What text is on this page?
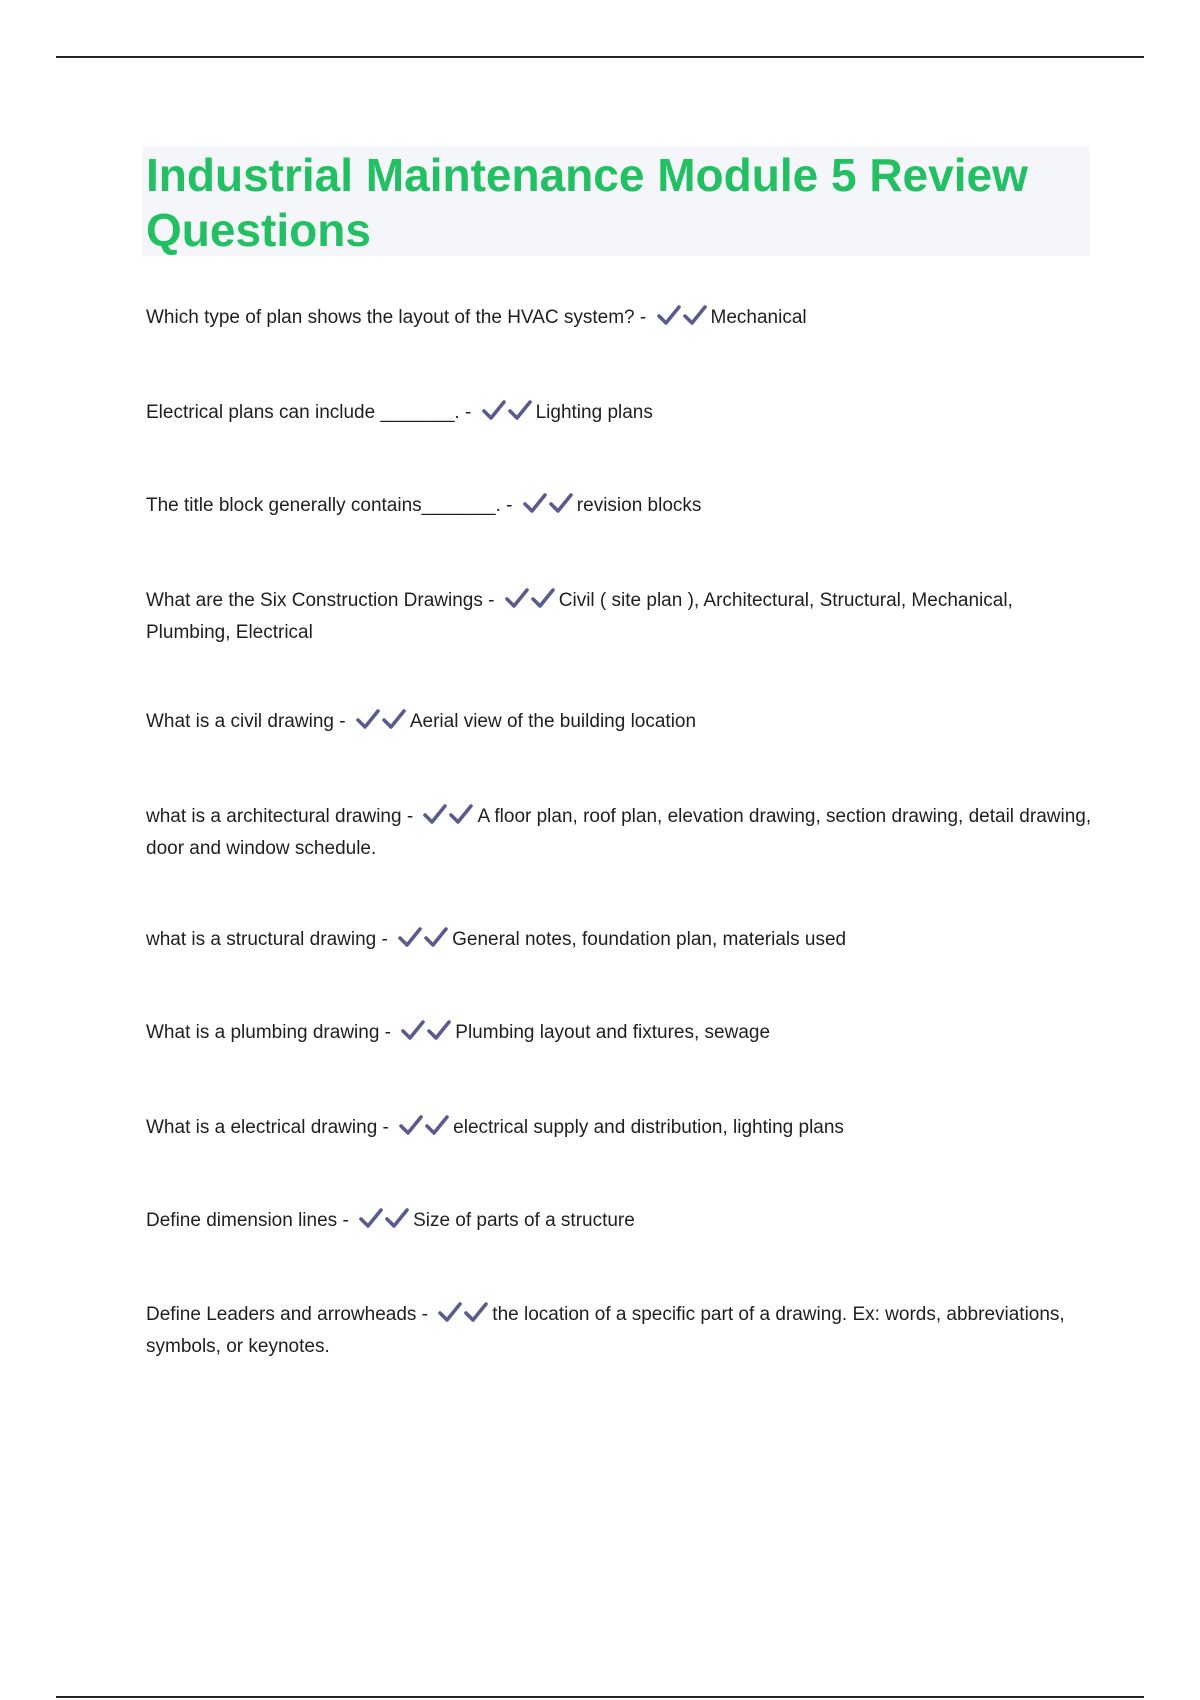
Industrial Maintenance Module 5 Review Questions
Which type of plan shows the layout of the HVAC system? -	Mechanical
Electrical plans can include _______. -	Lighting plans
The title block generally contains_______. -	revision blocks
What are the Six Construction Drawings -	Civil ( site plan ), Architectural, Structural, Mechanical, Plumbing, Electrical
What is a civil drawing -	Aerial view of the building location
what is a architectural drawing -	A floor plan, roof plan, elevation drawing, section drawing, detail drawing, door and window schedule.
what is a structural drawing -	General notes, foundation plan, materials used
What is a plumbing drawing -	Plumbing layout and fixtures, sewage
What is a electrical drawing -	electrical supply and distribution, lighting plans
Define dimension lines -	Size of parts of a structure
Define Leaders and arrowheads -	the location of a specific part of a drawing. Ex: words, abbreviations, symbols, or keynotes.
